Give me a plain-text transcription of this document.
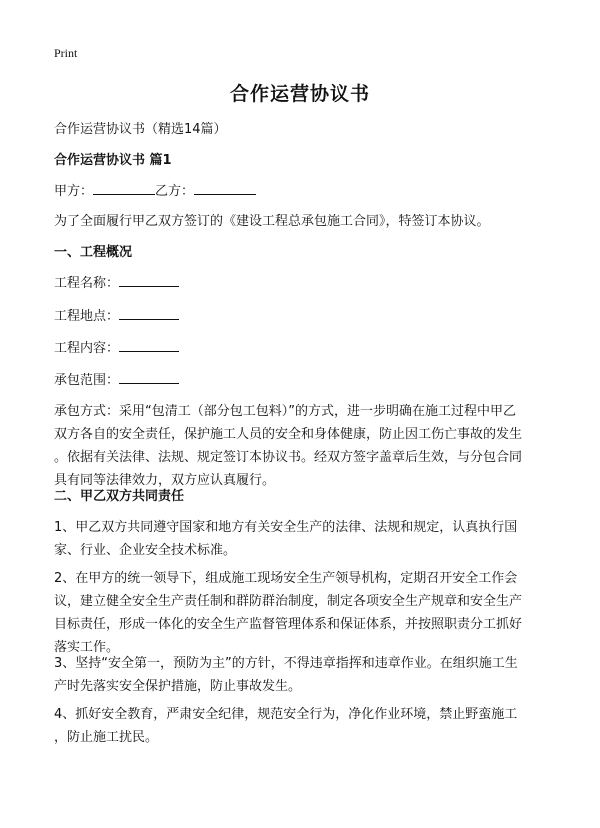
Print
合作运营协议书
合作运营协议书（精选14篇）
合作运营协议书 篇1
甲方：	乙方：
为了全面履行甲乙双方签订的《建设工程总承包施工合同》，特签订本协议。
一、工程概况
工程名称：
工程地点：
工程内容：
承包范围：
承包方式：采用“包清工（部分包工包料）”的方式，进一步明确在施工过程中甲乙
双方各自的安全责任，保护施工人员的安全和身体健康，防止因工伤亡事故的发生
。依据有关法律、法规、规定签订本协议书。经双方签字盖章后生效，与分包合同
具有同等法律效力，双方应认真履行。
二、甲乙双方共同责任
1、甲乙双方共同遵守国家和地方有关安全生产的法律、法规和规定，认真执行国
家、行业、企业安全技术标准。
2、在甲方的统一领导下，组成施工现场安全生产领导机构，定期召开安全工作会
议，建立健全安全生产责任制和群防群治制度，制定各项安全生产规章和安全生产
目标责任，形成一体化的安全生产监督管理体系和保证体系，并按照职责分工抓好
落实工作。
3、坚持“安全第一，预防为主”的方针，不得违章指挥和违章作业。在组织施工生
产时先落实安全保护措施，防止事故发生。
4、抓好安全教育，严肃安全纪律，规范安全行为，净化作业环境，禁止野蛮施工
，防止施工扰民。
